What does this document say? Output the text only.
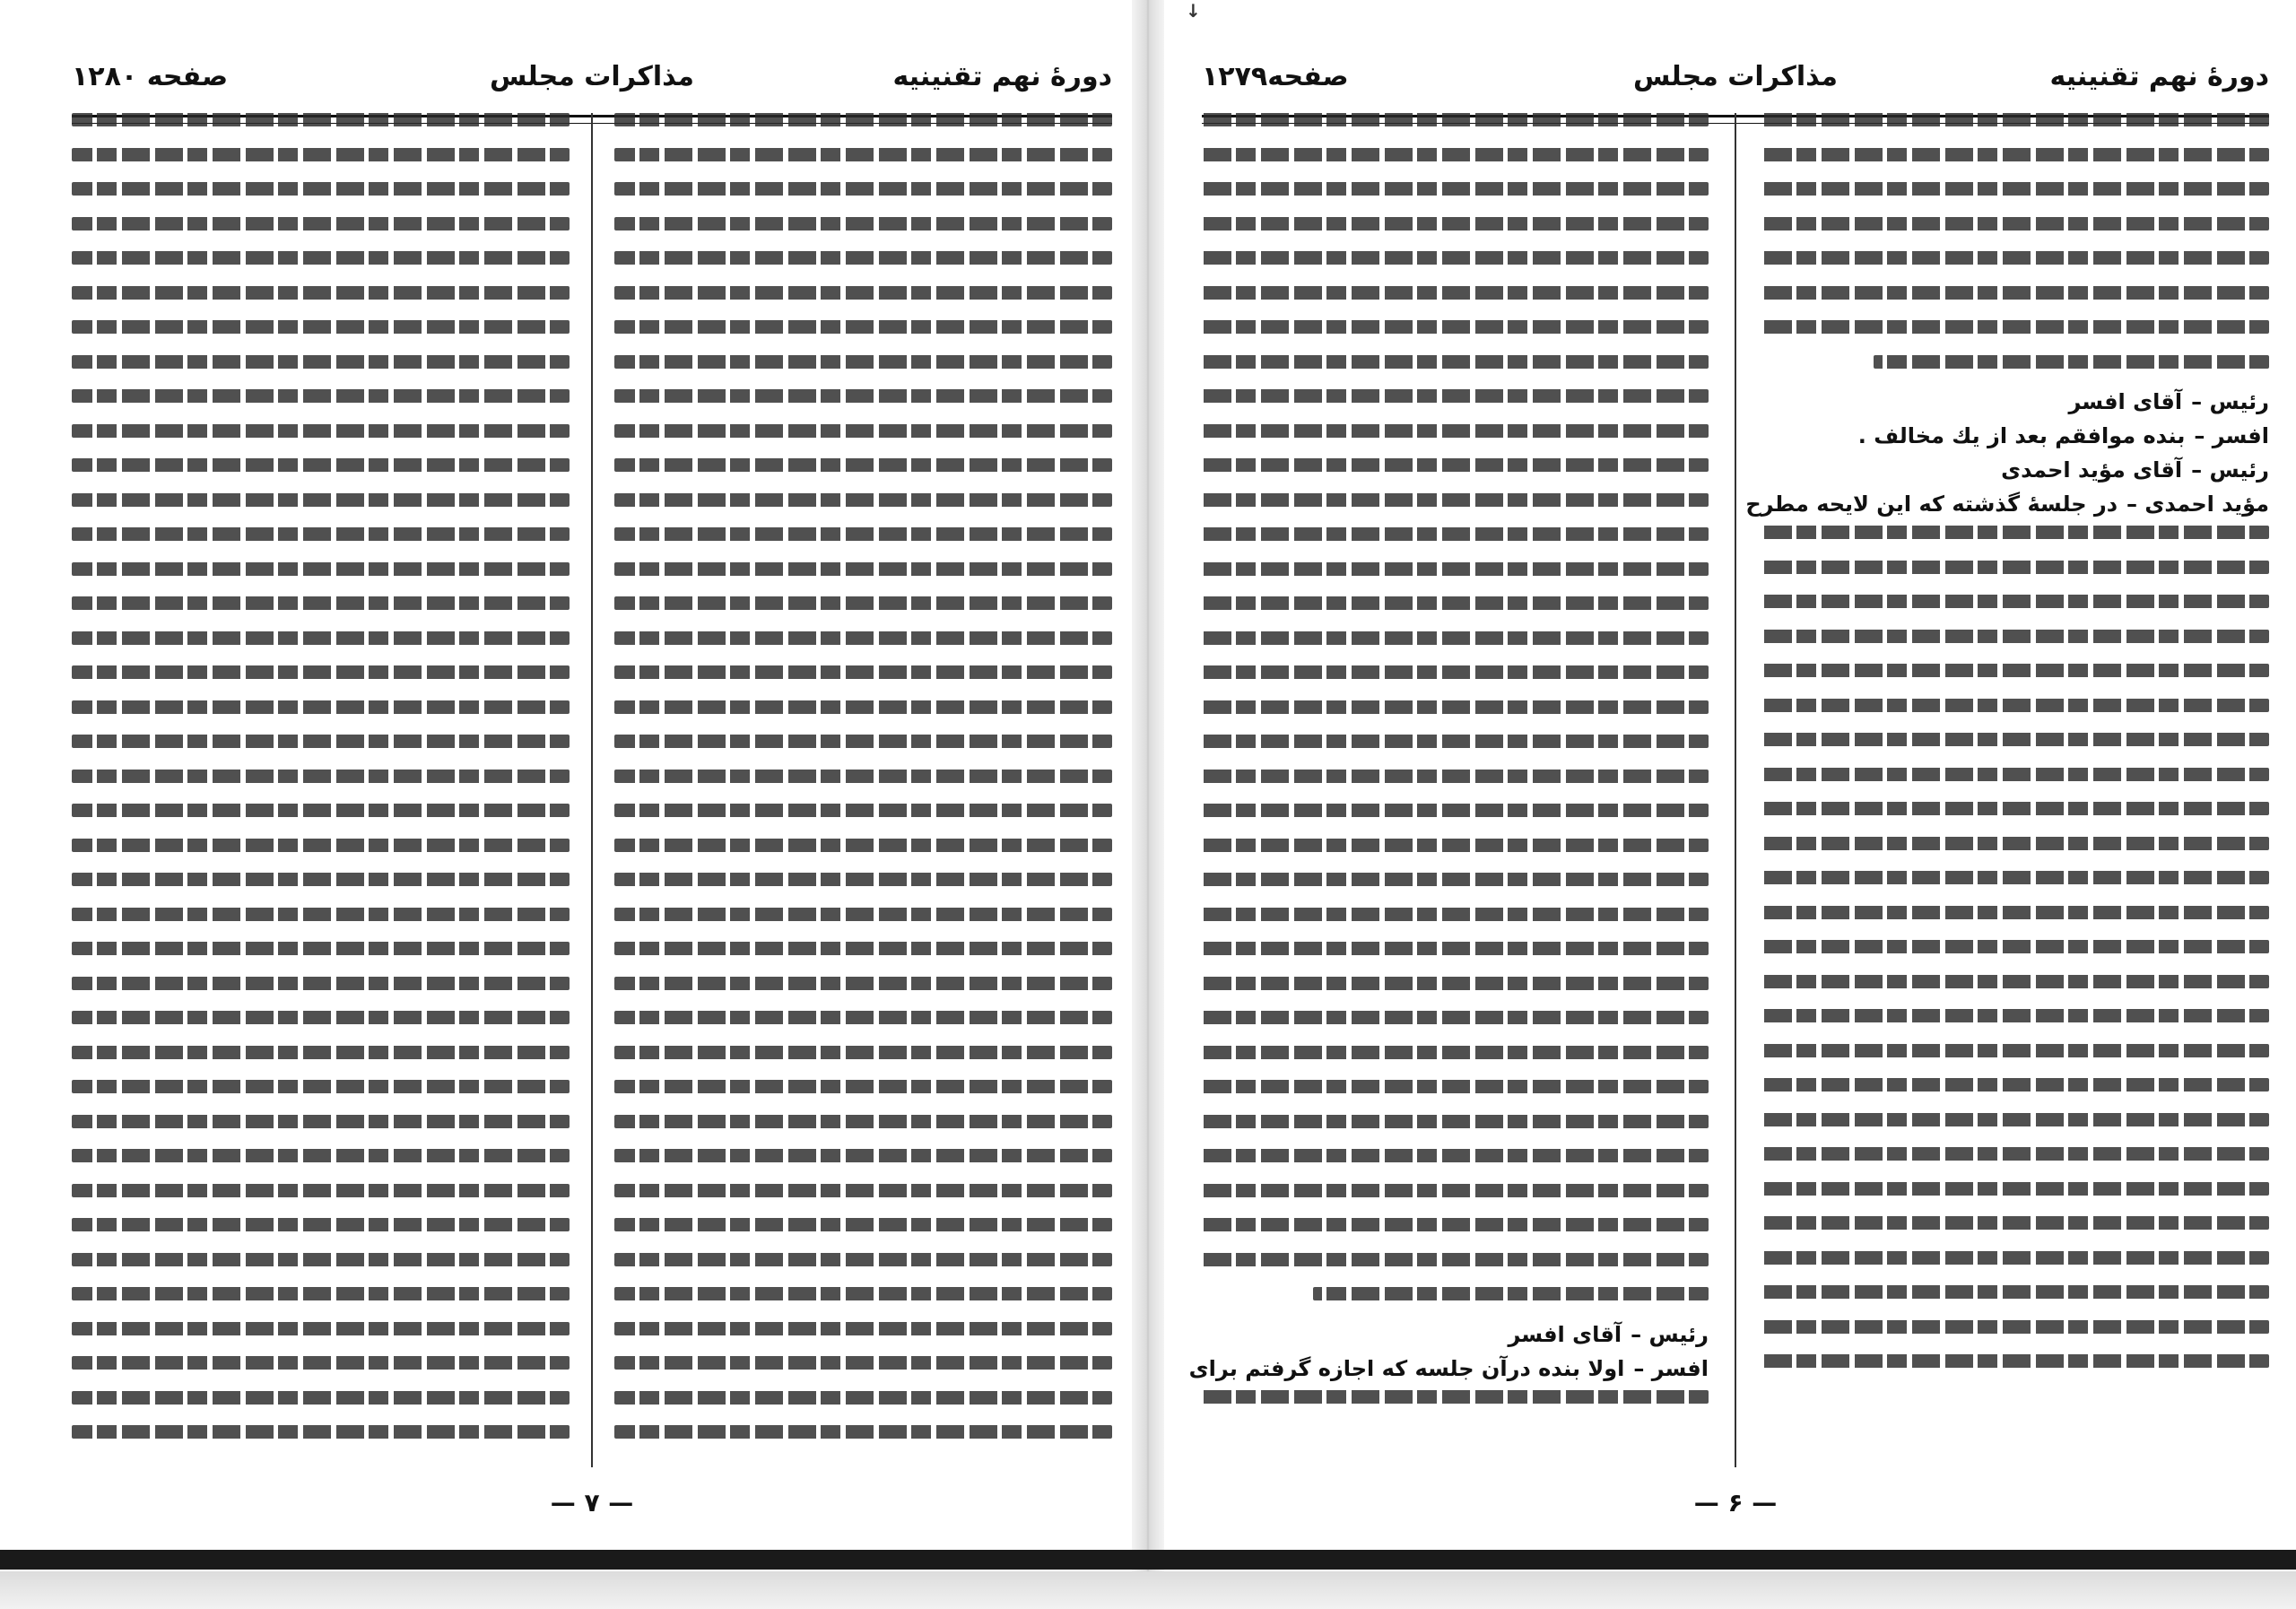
↓
دورهٔ نهم تقنینیه
مذاکرات مجلس
صفحه ۱۲۸۰
— ۷ —
دورهٔ نهم تقنینیه
مذاکرات مجلس
صفحه۱۲۷۹
رئیس –آقای افسر
افسر –بنده موافقم بعد از یك مخالف .
رئیس –آقای مؤید احمدی
مؤید احمدی –در جلسهٔ گذشته که این لایحه مطرح
رئیس –آقای افسر
افسر –اولا بنده درآن جلسه که اجازه گرفتم برای
— ۶ —
